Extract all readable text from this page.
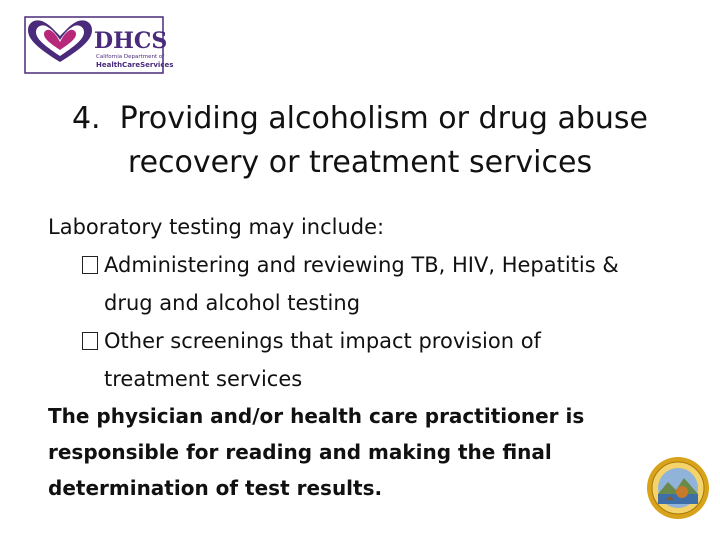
DHCS
California Department of
HealthCareServices
4.  Providing alcoholism or drug abuse
recovery or treatment services

Laboratory testing may include:

Administering and reviewing TB, HIV, Hepatitis &
drug and alcohol testing

Other screenings that impact provision of
treatment services

The physician and/or health care practitioner is
responsible for reading and making the final
determination of test results.
